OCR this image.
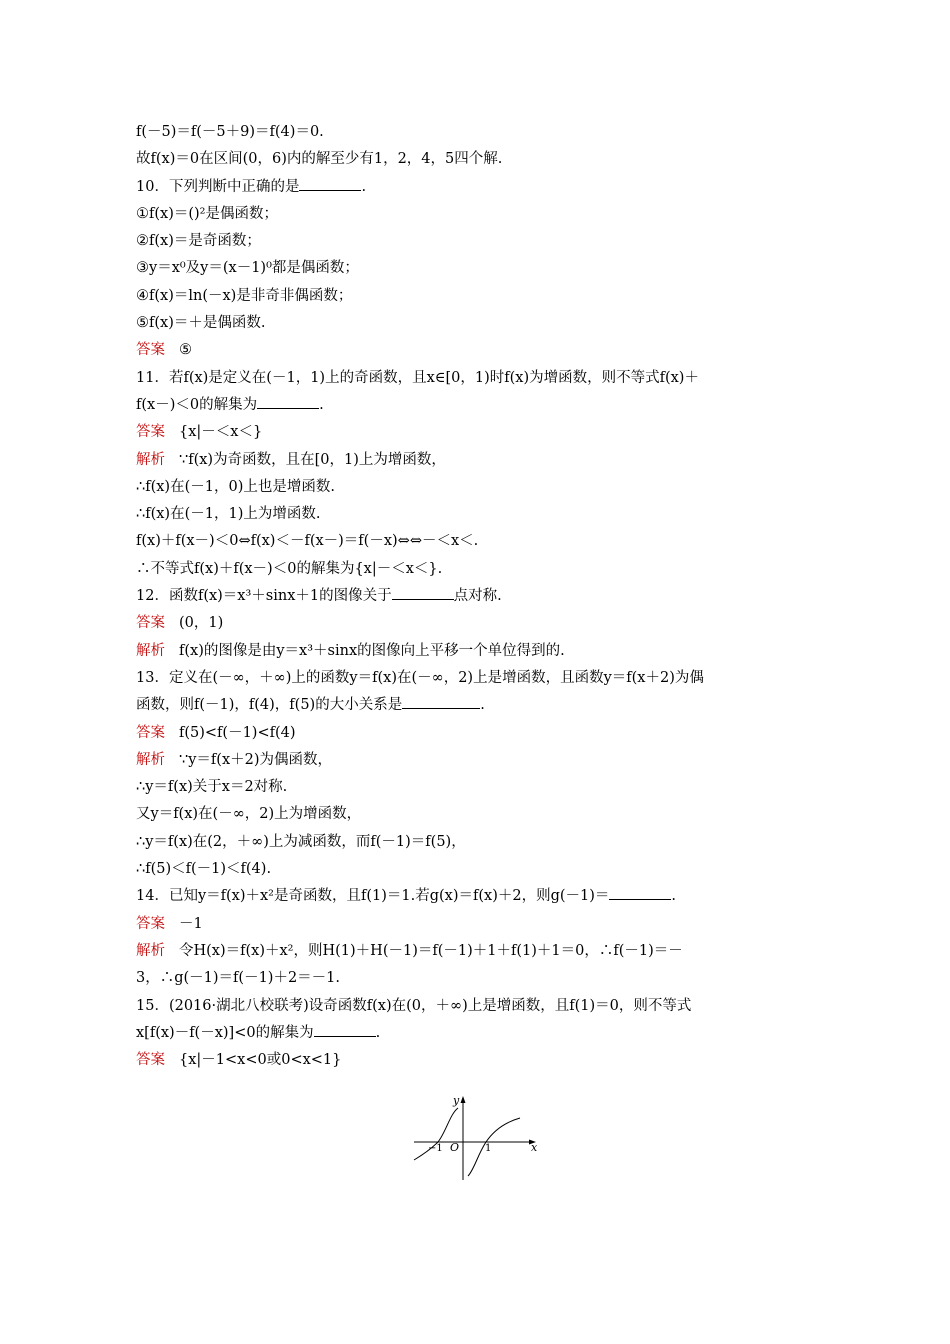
f(－5)＝f(－5＋9)＝f(4)＝0.
故f(x)＝0在区间(0，6)内的解至少有1，2，4，5四个解.
10．下列判断中正确的是	.
①f(x)＝()²是偶函数；
②f(x)＝是奇函数；
③y＝x⁰及y＝(x－1)⁰都是偶函数；
④f(x)＝ln(－x)是非奇非偶函数；
⑤f(x)＝＋是偶函数.
答案 ⑤
11．若f(x)是定义在(－1，1)上的奇函数，且x∈[0，1)时f(x)为增函数，则不等式f(x)＋
f(x－)＜0的解集为	.
答案 {x|－＜x＜}
解析 ∵f(x)为奇函数，且在[0，1)上为增函数，
∴f(x)在(－1，0)上也是增函数.
∴f(x)在(－1，1)上为增函数.
f(x)＋f(x－)＜0⇔f(x)＜－f(x－)＝f(－x)⇔⇔－＜x＜.
∴不等式f(x)＋f(x－)＜0的解集为{x|－＜x＜}.
12．函数f(x)＝x³＋sinx＋1的图像关于	点对称.
答案 (0，1)
解析 f(x)的图像是由y＝x³＋sinx的图像向上平移一个单位得到的.
13．定义在(－∞，＋∞)上的函数y＝f(x)在(－∞，2)上是增函数，且函数y＝f(x＋2)为偶
函数，则f(－1)，f(4)，f(5)的大小关系是	.
答案 f(5)<f(－1)<f(4)
解析 ∵y＝f(x＋2)为偶函数，
∴y＝f(x)关于x＝2对称.
又y＝f(x)在(－∞，2)上为增函数，
∴y＝f(x)在(2，＋∞)上为减函数，而f(－1)＝f(5)，
∴f(5)＜f(－1)＜f(4).
14．已知y＝f(x)＋x²是奇函数，且f(1)＝1.若g(x)＝f(x)＋2，则g(－1)＝	.
答案 －1
解析 令H(x)＝f(x)＋x²，则H(1)＋H(－1)＝f(－1)＋1＋f(1)＋1＝0，∴f(－1)＝－
3，∴g(－1)＝f(－1)＋2＝－1.
15．(2016·湖北八校联考)设奇函数f(x)在(0，＋∞)上是增函数，且f(1)＝0，则不等式
x[f(x)－f(－x)]<0的解集为	.
答案 {x|－1<x<0或0<x<1}
y
x
O
−1	1
